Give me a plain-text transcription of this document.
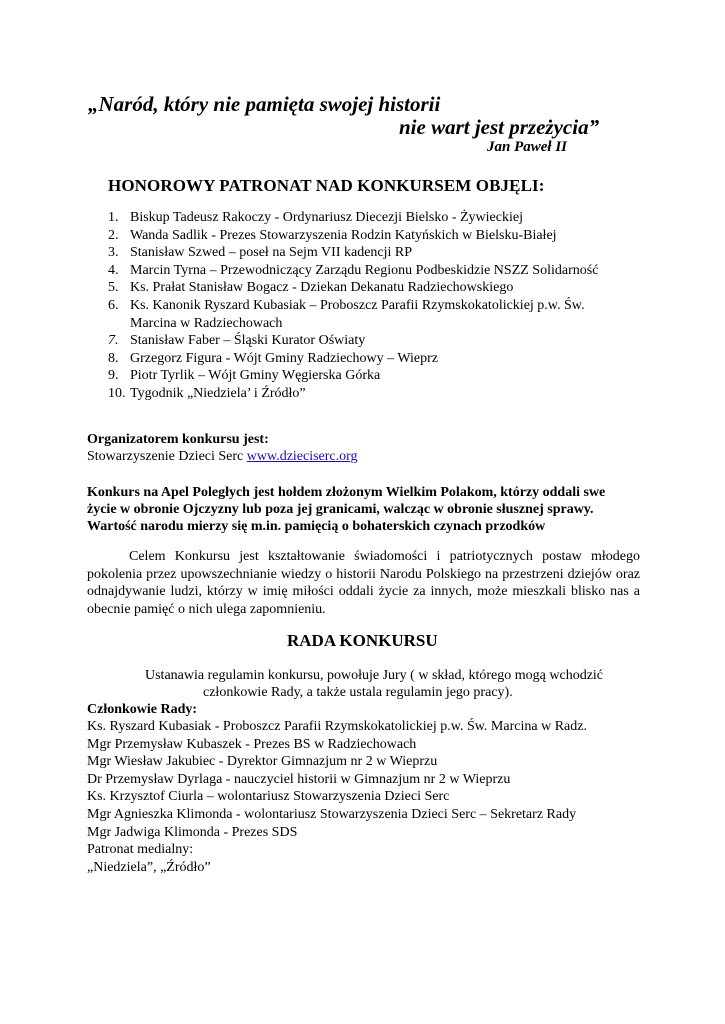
„Naród, który nie pamięta swojej historii
nie wart jest przeżycia”
Jan Paweł II
HONOROWY PATRONAT NAD KONKURSEM OBJĘLI:
1. Biskup Tadeusz Rakoczy - Ordynariusz Diecezji Bielsko - Żywieckiej
2. Wanda Sadlik - Prezes Stowarzyszenia Rodzin Katyńskich w Bielsku-Białej
3. Stanisław Szwed – poseł na Sejm VII kadencji RP
4. Marcin Tyrna – Przewodniczący Zarządu Regionu Podbeskidzie NSZZ Solidarność
5. Ks. Prałat Stanisław Bogacz - Dziekan Dekanatu Radziechowskiego
6. Ks. Kanonik Ryszard Kubasiak – Proboszcz Parafii Rzymskokatolickiej p.w. Św.
Marcina w Radziechowach
7. Stanisław Faber – Śląski Kurator Oświaty
8. Grzegorz Figura - Wójt Gminy Radziechowy – Wieprz
9. Piotr Tyrlik – Wójt Gminy Węgierska Górka
10. Tygodnik „Niedziela’ i Źródło”
Organizatorem konkursu jest:
Stowarzyszenie Dzieci Serc www.dzieciserc.org
Konkurs na Apel Poległych jest hołdem złożonym Wielkim Polakom, którzy oddali swe
życie w obronie Ojczyzny lub poza jej granicami, walcząc w obronie słusznej sprawy.
Wartość narodu mierzy się m.in. pamięcią o bohaterskich czynach przodków
Celem Konkursu jest kształtowanie świadomości i patriotycznych postaw młodego pokolenia przez upowszechnianie wiedzy o historii Narodu Polskiego na przestrzeni dziejów oraz odnajdywanie ludzi, którzy w imię miłości oddali życie za innych, może mieszkali blisko nas a obecnie pamięć o nich ulega zapomnieniu.
RADA KONKURSU
Ustanawia regulamin konkursu, powołuje Jury ( w skład, którego mogą wchodzić
członkowie Rady, a także ustala regulamin jego pracy).
Członkowie Rady:
Ks. Ryszard Kubasiak - Proboszcz Parafii Rzymskokatolickiej p.w. Św. Marcina w Radz.
Mgr Przemysław Kubaszek - Prezes BS w Radziechowach
Mgr Wiesław Jakubiec - Dyrektor Gimnazjum nr 2 w Wieprzu
Dr Przemysław Dyrlaga - nauczyciel historii w Gimnazjum nr 2 w Wieprzu
Ks. Krzysztof Ciurla – wolontariusz Stowarzyszenia Dzieci Serc
Mgr Agnieszka Klimonda - wolontariusz Stowarzyszenia Dzieci Serc – Sekretarz Rady
Mgr Jadwiga Klimonda - Prezes SDS
Patronat medialny:
„Niedziela”, „Źródło”
